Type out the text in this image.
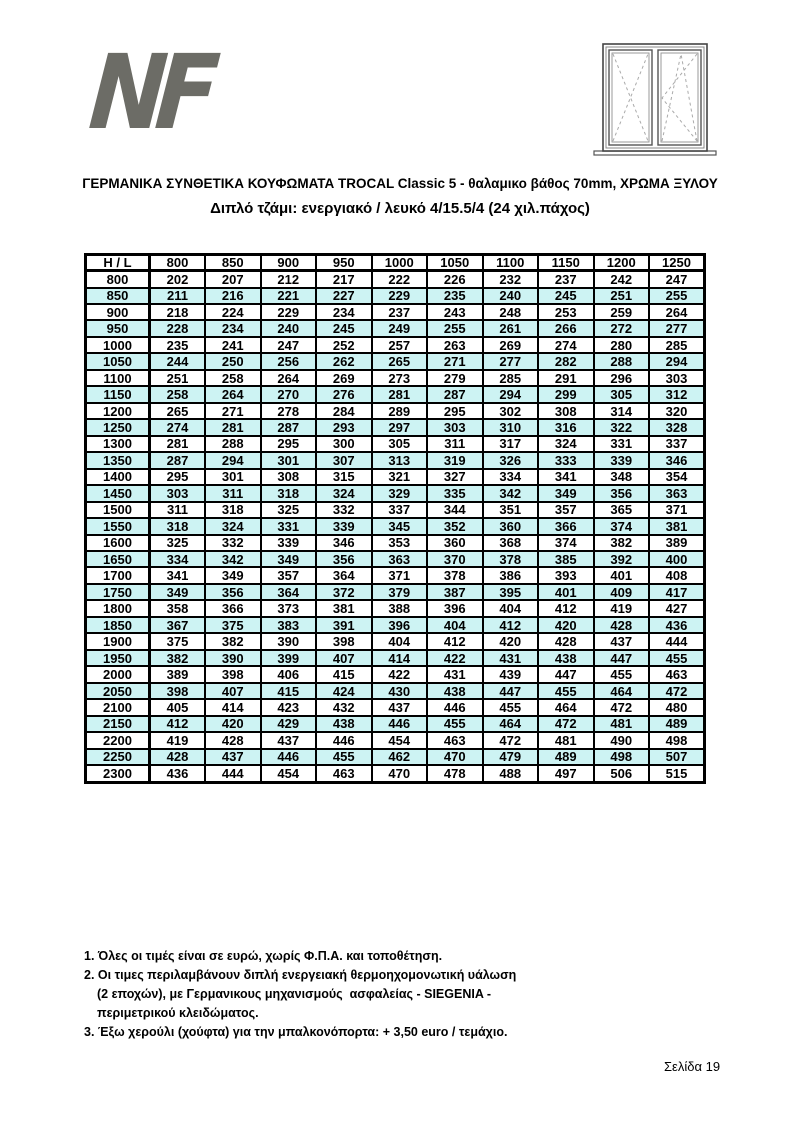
NF
ΓΕΡΜΑΝΙΚΑ ΣΥΝΘΕΤΙΚΑ ΚΟΥΦΩΜΑΤΑ TROCAL Classic 5 - θαλαμικο βάθος 70mm, ΧΡΩΜΑ ΞΥΛΟΥ
Διπλό τζάμι: ενεργιακό / λευκό 4/15.5/4 (24 χιλ.πάχος)
H / L	800	850	900	950	1000	1050	1100	1150	1200	1250
800	202	207	212	217	222	226	232	237	242	247
850	211	216	221	227	229	235	240	245	251	255
900	218	224	229	234	237	243	248	253	259	264
950	228	234	240	245	249	255	261	266	272	277
1000	235	241	247	252	257	263	269	274	280	285
1050	244	250	256	262	265	271	277	282	288	294
1100	251	258	264	269	273	279	285	291	296	303
1150	258	264	270	276	281	287	294	299	305	312
1200	265	271	278	284	289	295	302	308	314	320
1250	274	281	287	293	297	303	310	316	322	328
1300	281	288	295	300	305	311	317	324	331	337
1350	287	294	301	307	313	319	326	333	339	346
1400	295	301	308	315	321	327	334	341	348	354
1450	303	311	318	324	329	335	342	349	356	363
1500	311	318	325	332	337	344	351	357	365	371
1550	318	324	331	339	345	352	360	366	374	381
1600	325	332	339	346	353	360	368	374	382	389
1650	334	342	349	356	363	370	378	385	392	400
1700	341	349	357	364	371	378	386	393	401	408
1750	349	356	364	372	379	387	395	401	409	417
1800	358	366	373	381	388	396	404	412	419	427
1850	367	375	383	391	396	404	412	420	428	436
1900	375	382	390	398	404	412	420	428	437	444
1950	382	390	399	407	414	422	431	438	447	455
2000	389	398	406	415	422	431	439	447	455	463
2050	398	407	415	424	430	438	447	455	464	472
2100	405	414	423	432	437	446	455	464	472	480
2150	412	420	429	438	446	455	464	472	481	489
2200	419	428	437	446	454	463	472	481	490	498
2250	428	437	446	455	462	470	479	489	498	507
2300	436	444	454	463	470	478	488	497	506	515
1. Όλες οι τιμές είναι σε ευρώ, χωρίς Φ.Π.Α. και τοποθέτηση.
2. Οι τιμες περιλαμβάνουν διπλή ενεργειακή θερμοηχομονωτική υάλωση
(2 εποχών), με Γερμανικους μηχανισμούς  ασφαλείας - SIEGENIA -
περιμετρικού κλειδώματος.
3. Έξω χερούλι (χούφτα) για την μπαλκονόπορτα: + 3,50 euro / τεμάχιο.
Σελίδα 19
